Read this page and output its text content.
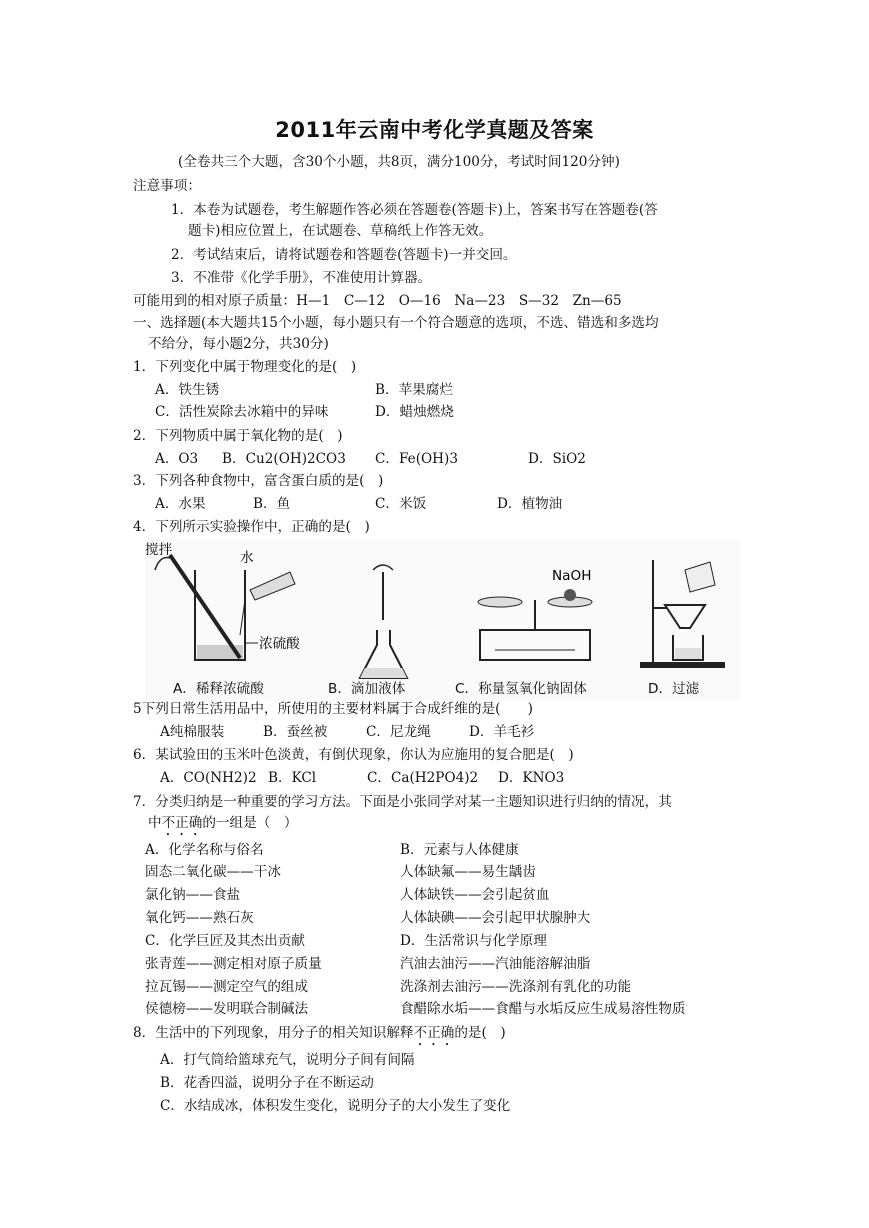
2011年云南中考化学真题及答案
(全卷共三个大题，含30个小题，共8页，满分100分，考试时间120分钟)
注意事项：
1．本卷为试题卷，考生解题作答必须在答题卷(答题卡)上，答案书写在答题卷(答
题卡)相应位置上，在试题卷、草稿纸上作答无效。
2．考试结束后，请将试题卷和答题卷(答题卡)一并交回。
3．不准带《化学手册》，不准使用计算器。
可能用到的相对原子质量：H—1　C—12　O—16　Na—23　S—32　Zn—65
一、选择题(本大题共15个小题，每小题只有一个符合题意的选项，不选、错选和多选均
不给分，每小题2分，共30分)
1．下列变化中属于物理变化的是(　)
A．铁生锈	B．苹果腐烂
C．活性炭除去冰箱中的异味	D．蜡烛燃烧
2．下列物质中属于氧化物的是(　)
A．O3 B．Cu2(OH)2CO3 C．Fe(OH)3	D．SiO2
3．下列各种食物中，富含蛋白质的是(　)
A．水果	B．鱼	C．米饭	D．植物油
4．下列所示实验操作中，正确的是(　)
搅拌	水
浓硫酸
NaOH
A．稀释浓硫酸	B．滴加液体	C．称量氢氧化钠固体	D．过滤
5下列日常生活用品中，所使用的主要材料属于合成纤维的是(　　)
A纯棉服装	B．蚕丝被	C．尼龙绳	D．羊毛衫
6．某试验田的玉米叶色淡黄，有倒伏现象，你认为应施用的复合肥是(　)
A．CO(NH2)2 B．KCl	C．Ca(H2PO4)2 D．KNO3
7．分类归纳是一种重要的学习方法。下面是小张同学对某一主题知识进行归纳的情况，其
中不正确的一组是（　）
A．化学名称与俗名
固态二氧化碳——干冰
氯化钠——食盐
氧化钙——熟石灰
C．化学巨匠及其杰出贡献
张青莲——测定相对原子质量
拉瓦锡——测定空气的组成
侯德榜——发明联合制碱法
B．元素与人体健康
人体缺氟——易生龋齿
人体缺铁——会引起贫血
人体缺碘——会引起甲状腺肿大
D．生活常识与化学原理
汽油去油污——汽油能溶解油脂
洗涤剂去油污——洗涤剂有乳化的功能
食醋除水垢——食醋与水垢反应生成易溶性物质
8．生活中的下列现象，用分子的相关知识解释不正确的是(　)
A．打气筒给篮球充气，说明分子间有间隔
B．花香四溢，说明分子在不断运动
C．水结成冰，体积发生变化，说明分子的大小发生了变化
